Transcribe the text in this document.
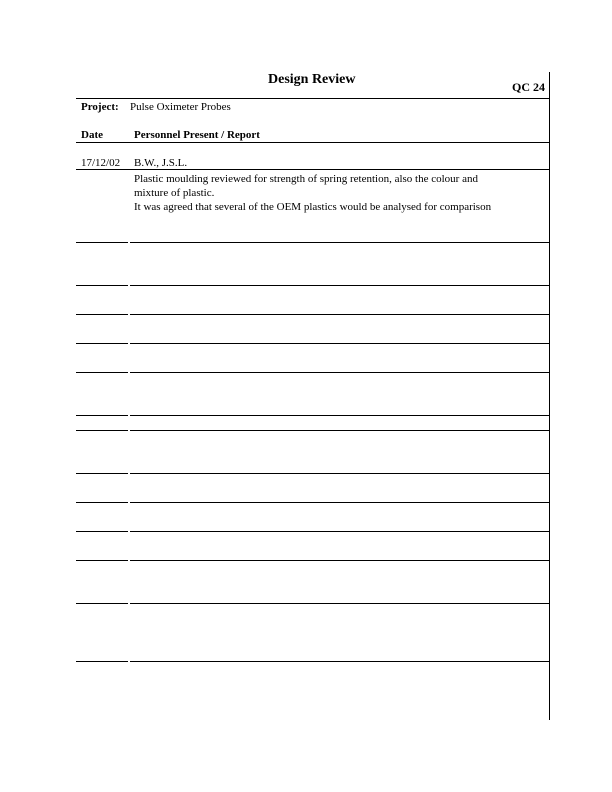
Design Review	QC 24
Project: Pulse Oximeter Probes
Date	Personnel Present / Report
17/12/02 B.W., J.S.L.
Plastic moulding reviewed for strength of spring retention, also the colour and
mixture of plastic.
It was agreed that several of the OEM plastics would be analysed for comparison
